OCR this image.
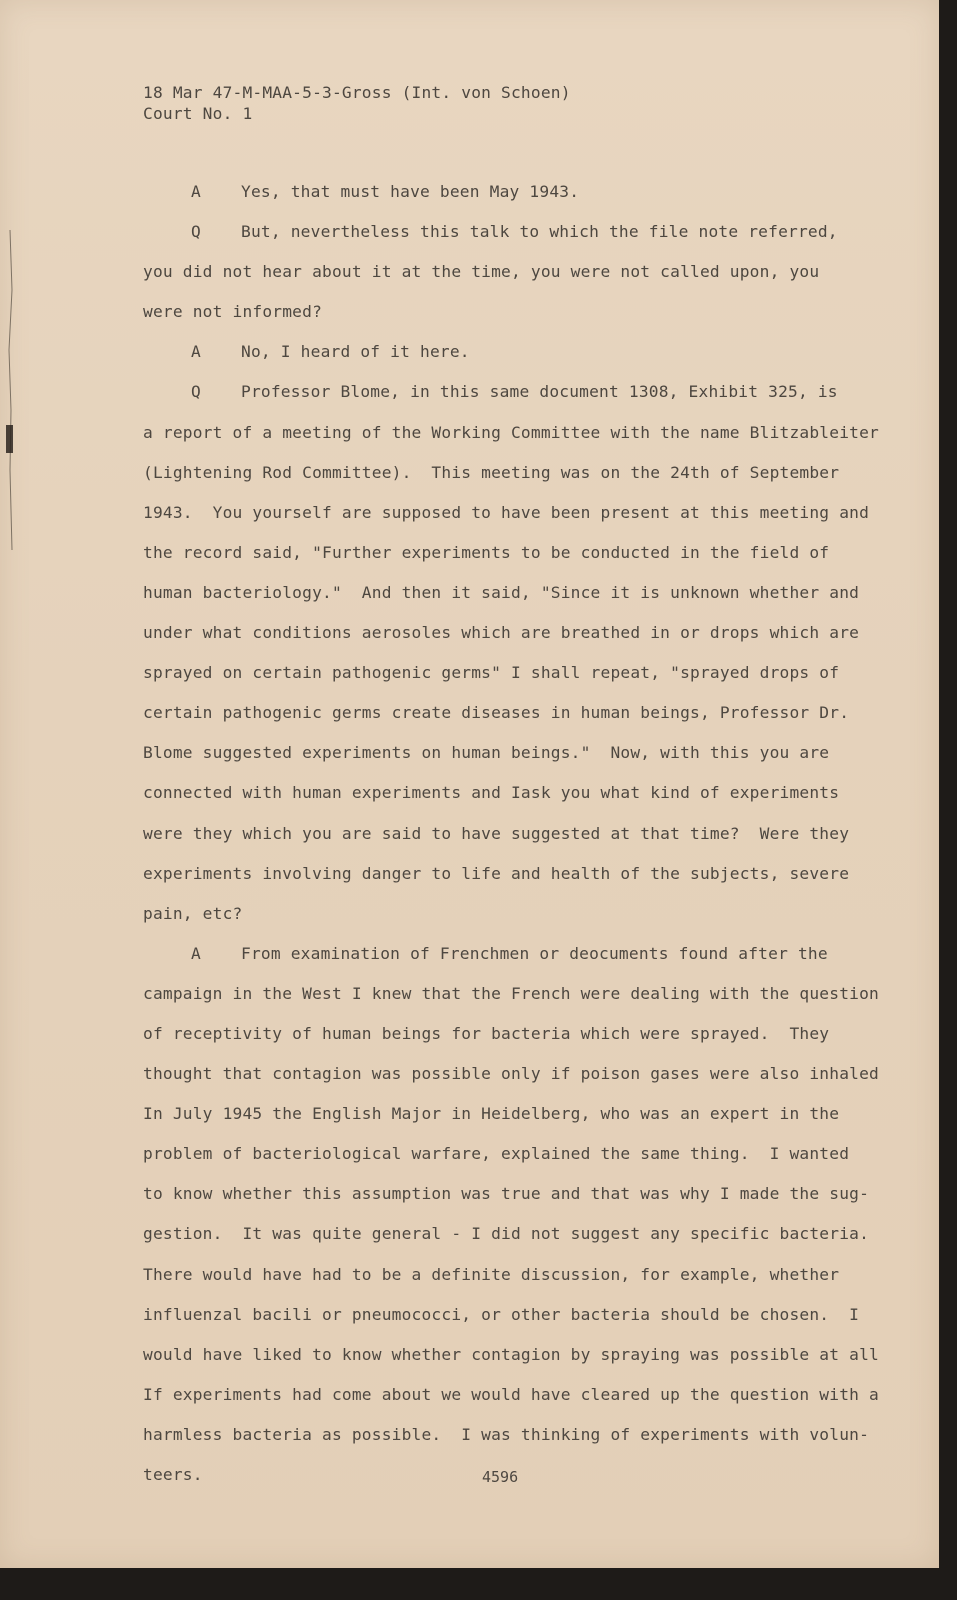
18 Mar 47-M-MAA-5-3-Gross (Int. von Schoen)
Court No. 1
A Yes, that must have been May 1943.
Q But, nevertheless this talk to which the file note referred,
you did not hear about it at the time, you were not called upon, you
were not informed?
A No, I heard of it here.
Q Professor Blome, in this same document 1308, Exhibit 325, is
a report of a meeting of the Working Committee with the name Blitzableiter
(Lightening Rod Committee).  This meeting was on the 24th of September
1943.  You yourself are supposed to have been present at this meeting and
the record said, "Further experiments to be conducted in the field of
human bacteriology."  And then it said, "Since it is unknown whether and
under what conditions aerosoles which are breathed in or drops which are
sprayed on certain pathogenic germs" I shall repeat, "sprayed drops of
certain pathogenic germs create diseases in human beings, Professor Dr.
Blome suggested experiments on human beings."  Now, with this you are
connected with human experiments and Iask you what kind of experiments
were they which you are said to have suggested at that time?  Were they
experiments involving danger to life and health of the subjects, severe
pain, etc?
A From examination of Frenchmen or deocuments found after the
campaign in the West I knew that the French were dealing with the question
of receptivity of human beings for bacteria which were sprayed.  They
thought that contagion was possible only if poison gases were also inhaled
In July 1945 the English Major in Heidelberg, who was an expert in the
problem of bacteriological warfare, explained the same thing.  I wanted
to know whether this assumption was true and that was why I made the sug-
gestion.  It was quite general - I did not suggest any specific bacteria.
There would have had to be a definite discussion, for example, whether
influenzal bacili or pneumococci, or other bacteria should be chosen.  I
would have liked to know whether contagion by spraying was possible at all
If experiments had come about we would have cleared up the question with a
harmless bacteria as possible.  I was thinking of experiments with volun-
teers.	4596
